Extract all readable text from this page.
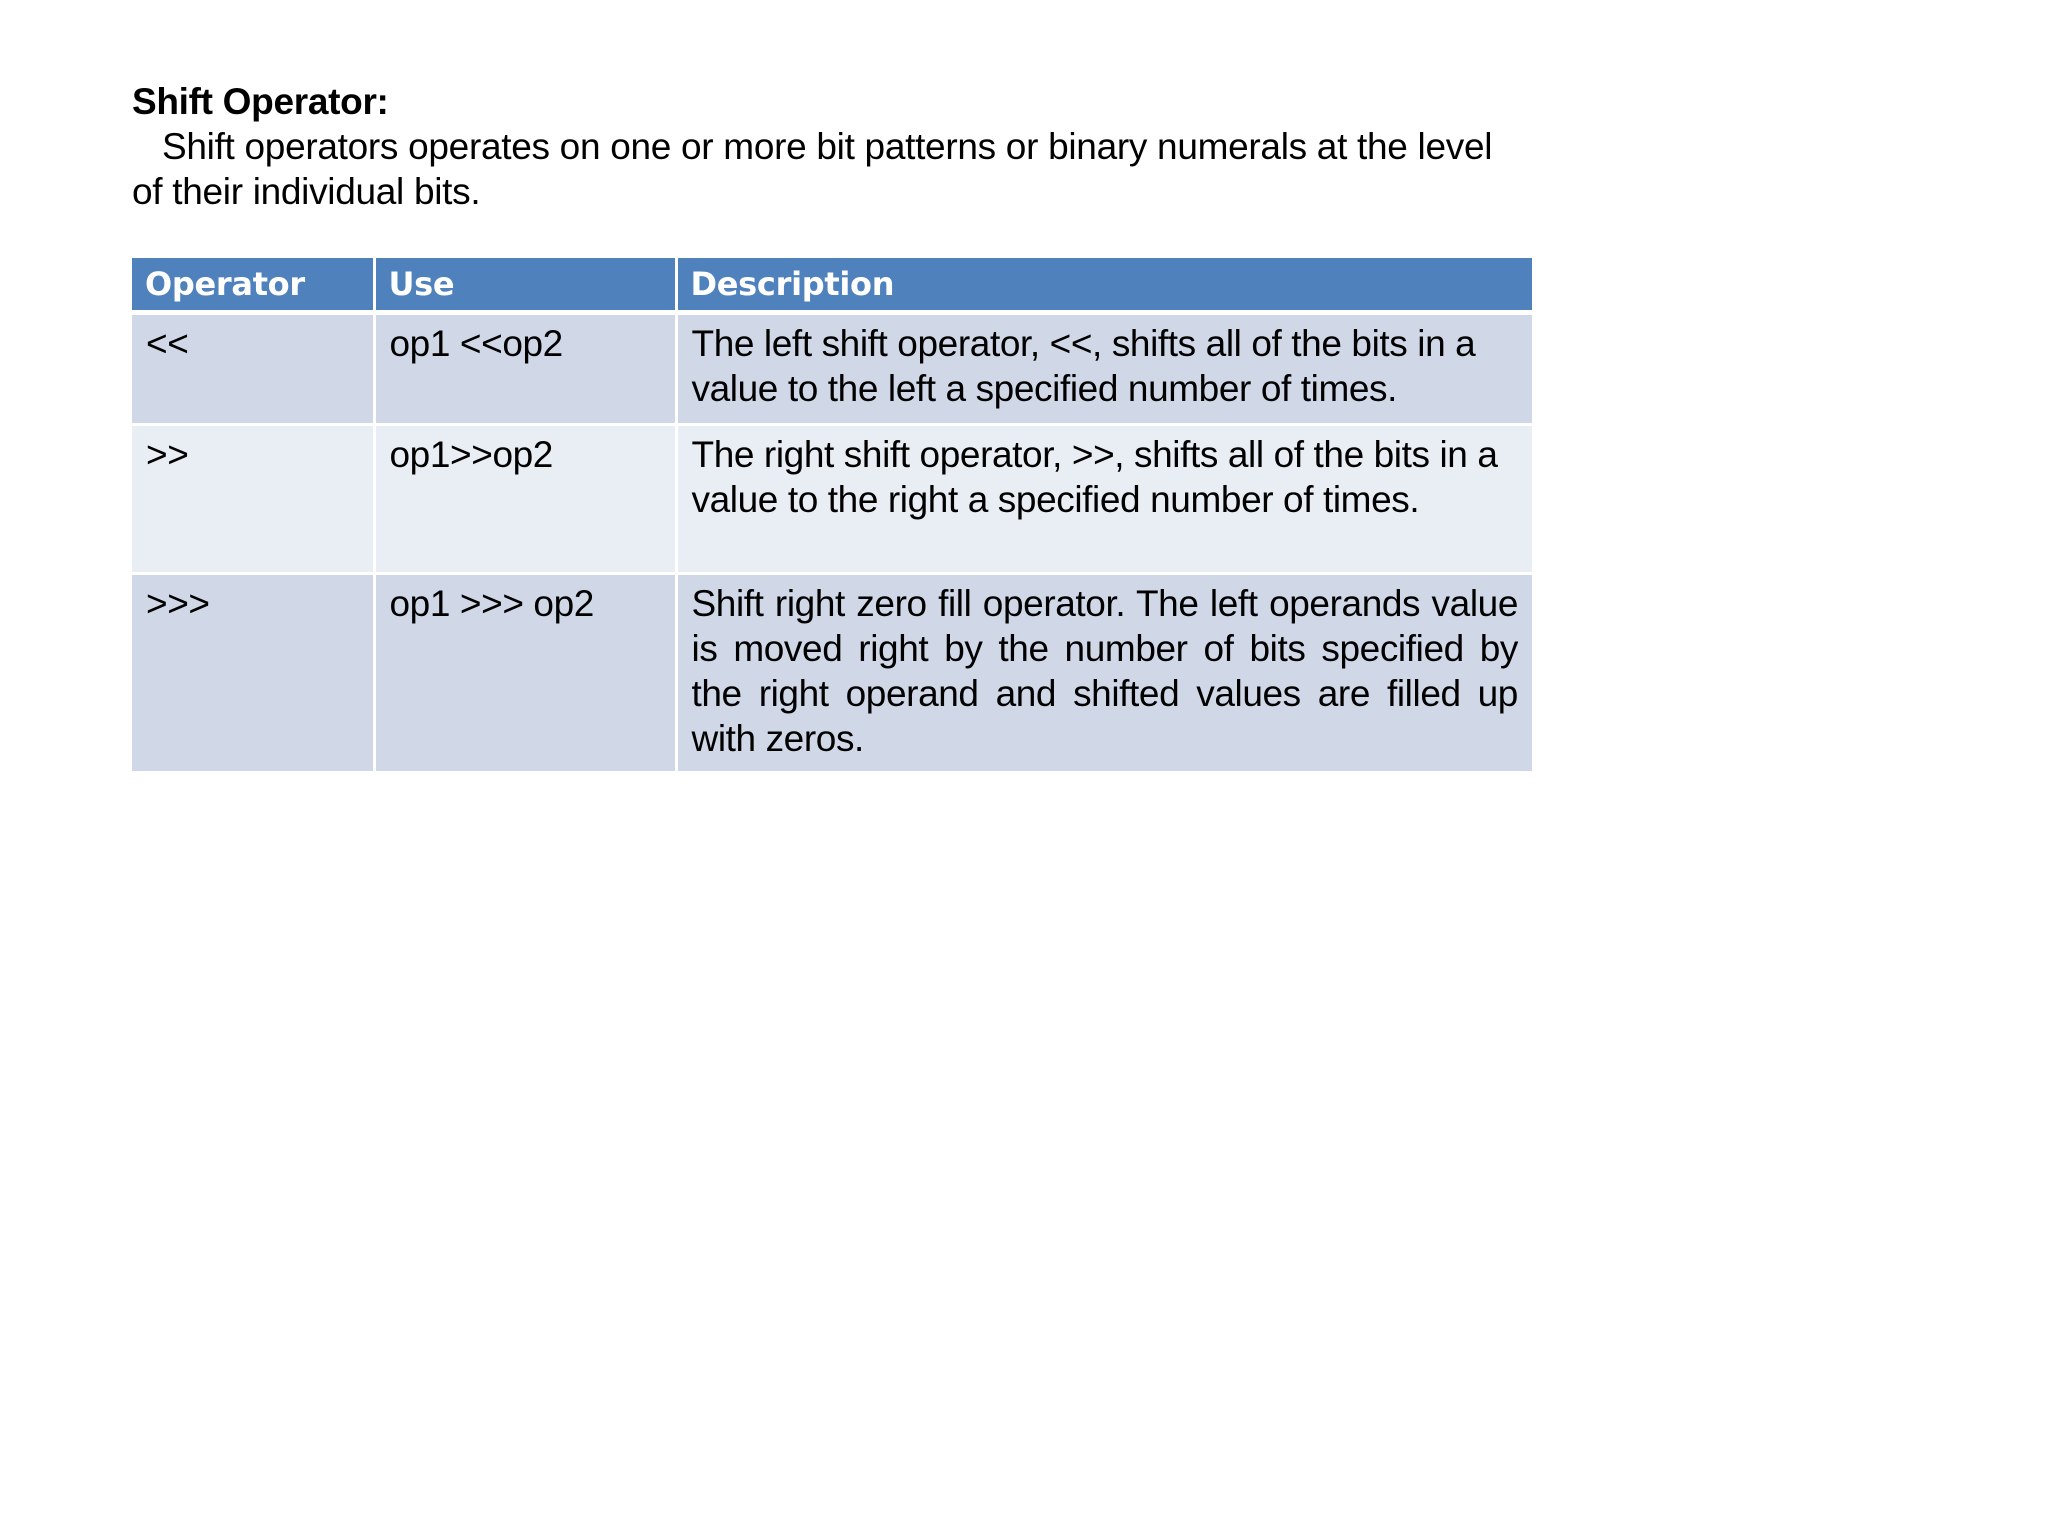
Shift Operator:

Shift operators operates on one or more bit patterns or binary numerals at the level of their individual bits.

Operator	Use	Description
<<	op1 <<op2	The left shift operator, <<, shifts all of the bits in a value to the left a specified number of times.
>>	op1>>op2	The right shift operator, >>, shifts all of the bits in a value to the right a specified number of times.
>>>	op1 >>> op2	Shift right zero fill operator. The left operands value is moved right by the number of bits specified by the right operand and shifted values are filled up with zeros.
